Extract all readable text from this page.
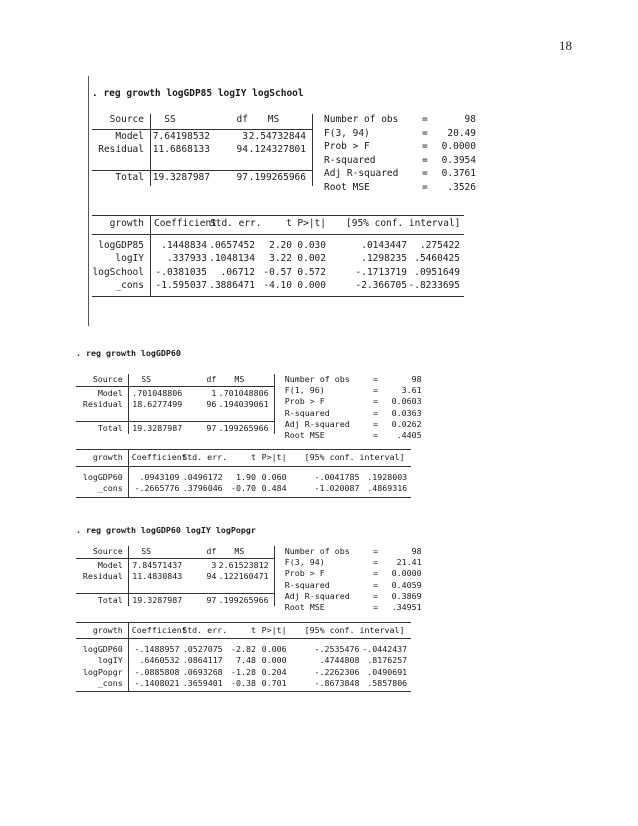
18
. reg growth logGDP85 logIY logSchool
Source	SS	df	MS	Number of obs =	98
F(3, 94)	=	20.49
Prob > F	=	0.0000
R-squared	=	0.3954
Adj R-squared =	0.3761
Root MSE	=	.3526
Model 7.64198532	3 2.54732844
Residual 11.6868133	94 .124327801
Total 19.3287987	97 .199265966
growth Coefficient
Std. err.	t P>|t| [95% conf. interval]
logGDP85	.1448834 .0657452	2.20 0.030	.0143447	.275422
logIY	.337933 .1048134	3.22 0.002	.1298235 .5460425
logSchool	-.0381035	.06712 -0.57 0.572	-.1713719 .0951649
_cons	-1.595037 .3886471 -4.10 0.000	-2.366705 -.8233695
. reg growth logGDP60
Source	SS	df	MS	Number of obs	=	98
F(1, 96)	=	3.61
Prob > F	=	0.0603
R-squared	=	0.0363
Adj R-squared	=	0.0262
Root MSE	=	.4405
Model	.701048806	1 .701048806
Residual	18.6277499	96 .194039061
Total	19.3287987	97 .199265966
growth Coefficient
Std. err.	t P>|t| [95% conf. interval]
logGDP60	.0943109 .0496172	1.90 0.060	-.0041785 .1928003
_cons	-.2665776 .3796046	-0.70 0.484	-1.020087 .4869316
. reg growth logGDP60 logIY logPopgr
Source	SS	df	MS	Number of obs	=	98
F(3, 94)	=	21.41
Prob > F	=	0.0000
R-squared	=	0.4059
Adj R-squared	=	0.3869
Root MSE	=	.34951
Model	7.84571437	3 2.61523812
Residual	11.4830843	94 .122160471
Total	19.3287987	97 .199265966
growth Coefficient
Std. err.	t P>|t| [95% conf. interval]
logGDP60	-.1488957 .0527075	-2.82 0.006	-.2535476 -.0442437
logIY	.6460532 .0864117	7.48 0.000	.4744808 .8176257
logPopgr	-.0885808 .0693268	-1.28 0.204	-.2262306 .0490691
_cons	-.1408021 .3659401	-0.38 0.701	-.8673848 .5857806
